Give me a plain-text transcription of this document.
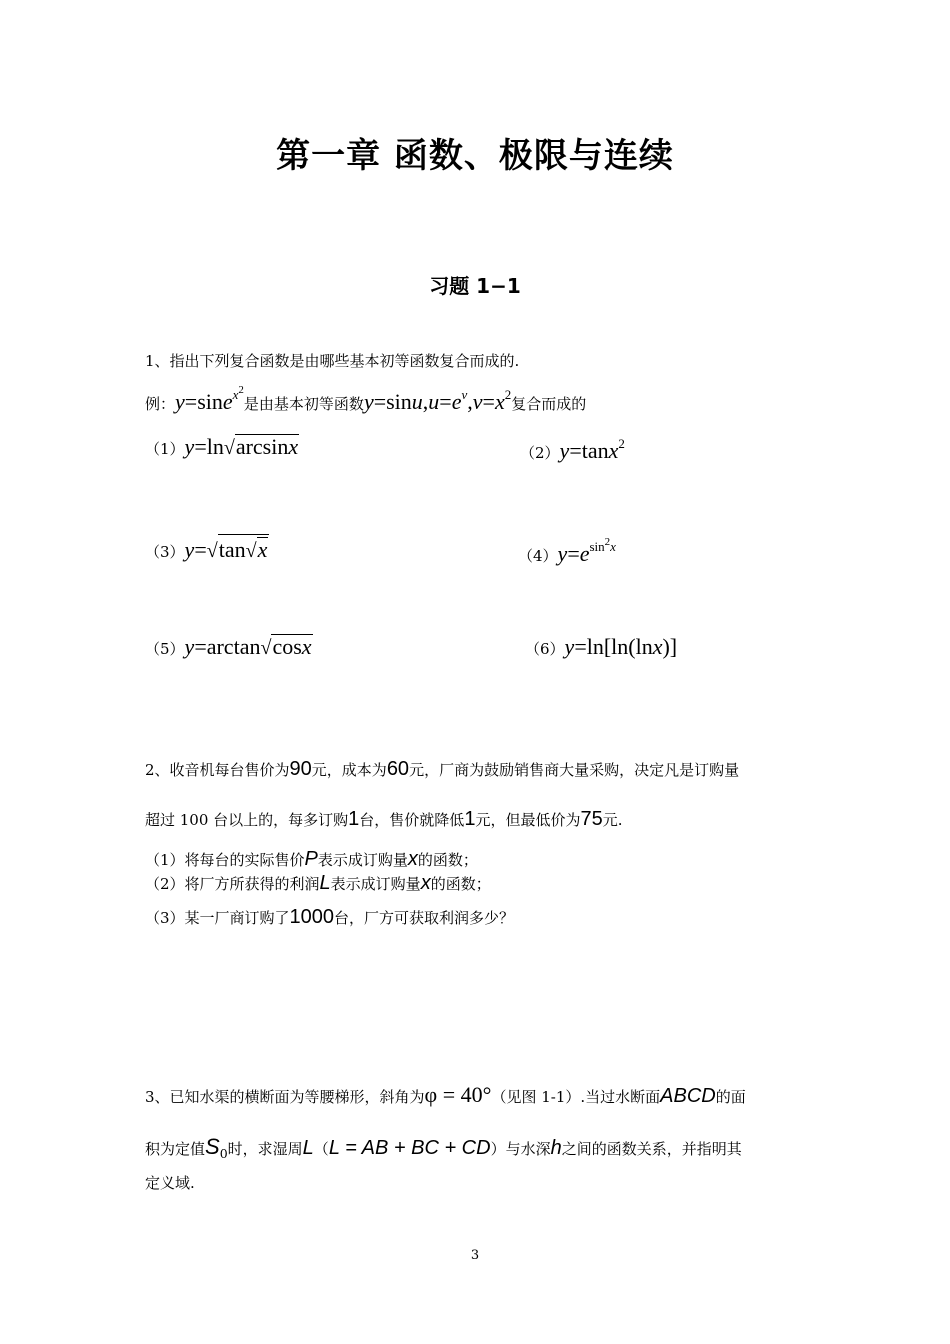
第一章 函数、极限与连续
习题 1−1
1、指出下列复合函数是由哪些基本初等函数复合而成的.
例：y=sine$^{x^2}$是由基本初等函数$y=\sin u,u=e^v,v=x^2$复合而成的
（1）y=ln√arcsinx	（2）y=tanx$^2$
（3）y=√tan√x	$(4)y=e^{sin^2x}$
（5）y=arctan√cosx	（6）y=ln[ln(lnx)]
2、收音机每台售价为90元，成本为60元，厂商为鼓励销售商大量采购，决定凡是订购量
超过 100 台以上的，每多订购1台，售价就降低1元，但最低价为75元.
（1）将每台的实际售价P表示成订购量x的函数；
（2）将厂方所获得的利润L表示成订购量x的函数；
（3）某一厂商订购了1000台，厂方可获取利润多少？
3、已知水渠的横断面为等腰梯形，斜角为φ = 40°（见图 1-1）.当过水断面ABCD的面
积为定值$S_0$时，求湿周L（L = AB + BC + CD）与水深h之间的函数关系，并指明其
定义域.
3
